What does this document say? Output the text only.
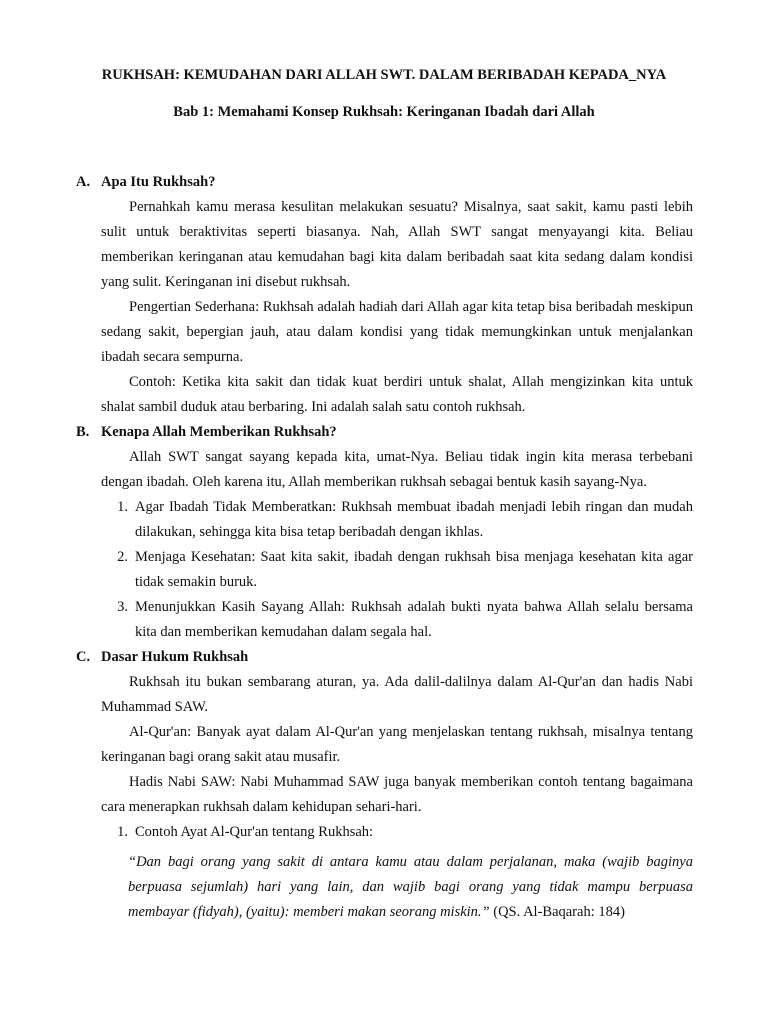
RUKHSAH: KEMUDAHAN DARI ALLAH SWT. DALAM BERIBADAH KEPADA_NYA
Bab 1: Memahami Konsep Rukhsah: Keringanan Ibadah dari Allah
A. Apa Itu Rukhsah?

Pernahkah kamu merasa kesulitan melakukan sesuatu? Misalnya, saat sakit, kamu pasti lebih sulit untuk beraktivitas seperti biasanya. Nah, Allah SWT sangat menyayangi kita. Beliau memberikan keringanan atau kemudahan bagi kita dalam beribadah saat kita sedang dalam kondisi yang sulit. Keringanan ini disebut rukhsah.

Pengertian Sederhana: Rukhsah adalah hadiah dari Allah agar kita tetap bisa beribadah meskipun sedang sakit, bepergian jauh, atau dalam kondisi yang tidak memungkinkan untuk menjalankan ibadah secara sempurna.

Contoh: Ketika kita sakit dan tidak kuat berdiri untuk shalat, Allah mengizinkan kita untuk shalat sambil duduk atau berbaring. Ini adalah salah satu contoh rukhsah.

B. Kenapa Allah Memberikan Rukhsah?

Allah SWT sangat sayang kepada kita, umat-Nya. Beliau tidak ingin kita merasa terbebani dengan ibadah. Oleh karena itu, Allah memberikan rukhsah sebagai bentuk kasih sayang-Nya.

1. Agar Ibadah Tidak Memberatkan: Rukhsah membuat ibadah menjadi lebih ringan dan mudah dilakukan, sehingga kita bisa tetap beribadah dengan ikhlas.
2. Menjaga Kesehatan: Saat kita sakit, ibadah dengan rukhsah bisa menjaga kesehatan kita agar tidak semakin buruk.
3. Menunjukkan Kasih Sayang Allah: Rukhsah adalah bukti nyata bahwa Allah selalu bersama kita dan memberikan kemudahan dalam segala hal.
C. Dasar Hukum Rukhsah

Rukhsah itu bukan sembarang aturan, ya. Ada dalil-dalilnya dalam Al-Qur'an dan hadis Nabi Muhammad SAW.

Al-Qur'an: Banyak ayat dalam Al-Qur'an yang menjelaskan tentang rukhsah, misalnya tentang keringanan bagi orang sakit atau musafir.

Hadis Nabi SAW: Nabi Muhammad SAW juga banyak memberikan contoh tentang bagaimana cara menerapkan rukhsah dalam kehidupan sehari-hari.

1. Contoh Ayat Al-Qur'an tentang Rukhsah:

“Dan bagi orang yang sakit di antara kamu atau dalam perjalanan, maka (wajib baginya berpuasa sejumlah) hari yang lain, dan wajib bagi orang yang tidak mampu berpuasa membayar (fidyah), (yaitu): memberi makan seorang miskin.” (QS. Al-Baqarah: 184)
